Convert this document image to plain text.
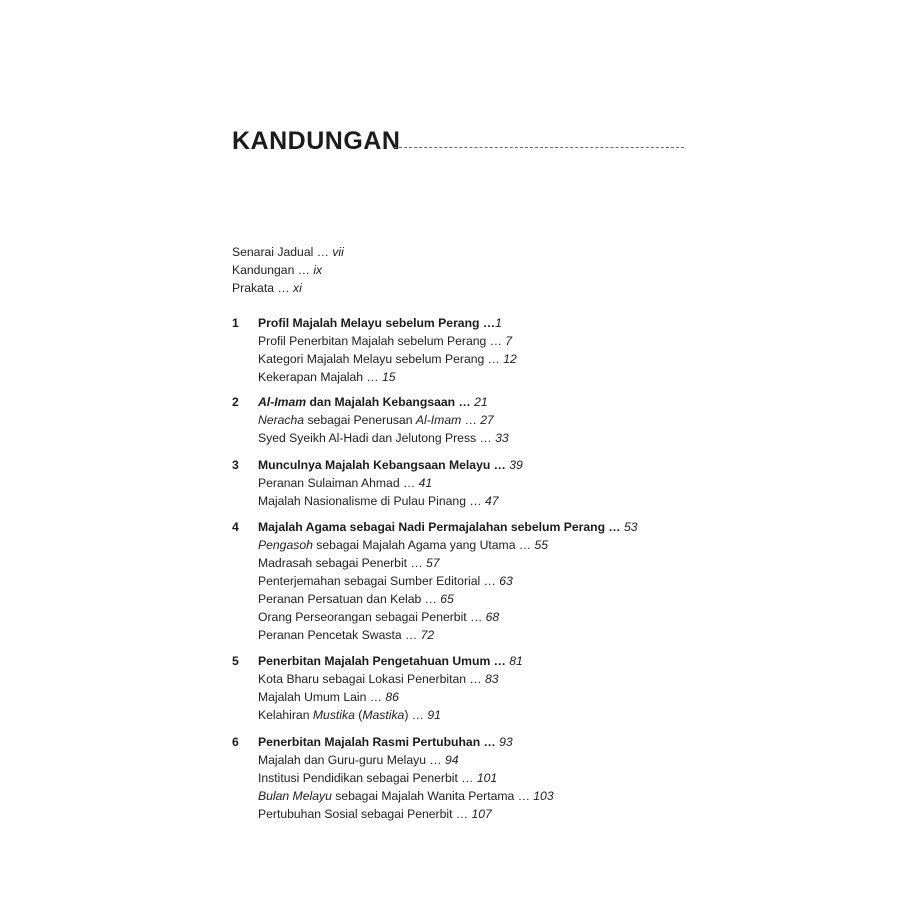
KANDUNGAN
Senarai Jadual … vii
Kandungan … ix
Prakata … xi
1	Profil Majalah Melayu sebelum Perang …1
Profil Penerbitan Majalah sebelum Perang … 7
Kategori Majalah Melayu sebelum Perang … 12
Kekerapan Majalah … 15
2	Al-Imam dan Majalah Kebangsaan … 21
Neracha sebagai Penerusan Al-Imam … 27
Syed Syeikh Al-Hadi dan Jelutong Press … 33
3	Munculnya Majalah Kebangsaan Melayu … 39
Peranan Sulaiman Ahmad … 41
Majalah Nasionalisme di Pulau Pinang … 47
4	Majalah Agama sebagai Nadi Permajalahan sebelum Perang … 53
Pengasoh sebagai Majalah Agama yang Utama … 55
Madrasah sebagai Penerbit … 57
Penterjemahan sebagai Sumber Editorial … 63
Peranan Persatuan dan Kelab … 65
Orang Perseorangan sebagai Penerbit … 68
Peranan Pencetak Swasta … 72
5	Penerbitan Majalah Pengetahuan Umum … 81
Kota Bharu sebagai Lokasi Penerbitan … 83
Majalah Umum Lain … 86
Kelahiran Mustika (Mastika) … 91
6	Penerbitan Majalah Rasmi Pertubuhan … 93
Majalah dan Guru-guru Melayu … 94
Institusi Pendidikan sebagai Penerbit … 101
Bulan Melayu sebagai Majalah Wanita Pertama … 103
Pertubuhan Sosial sebagai Penerbit … 107
